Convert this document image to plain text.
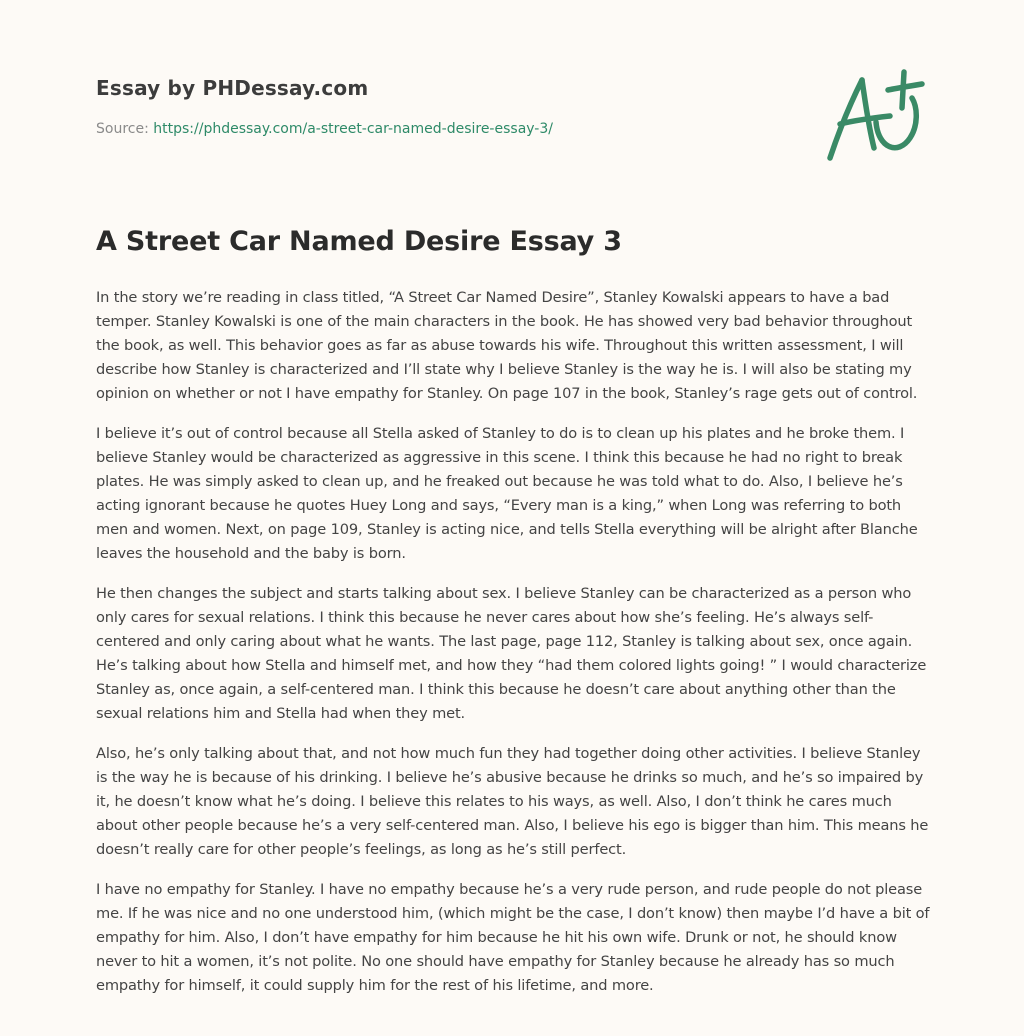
Essay by PHDessay.com
Source: https://phdessay.com/a-street-car-named-desire-essay-3/
A Street Car Named Desire Essay 3

In the story we’re reading in class titled, “A Street Car Named Desire”, Stanley Kowalski appears to have a bad temper. Stanley Kowalski is one of the main characters in the book. He has showed very bad behavior throughout the book, as well. This behavior goes as far as abuse towards his wife. Throughout this written assessment, I will describe how Stanley is characterized and I’ll state why I believe Stanley is the way he is. I will also be stating my opinion on whether or not I have empathy for Stanley. On page 107 in the book, Stanley’s rage gets out of control.

I believe it’s out of control because all Stella asked of Stanley to do is to clean up his plates and he broke them. I believe Stanley would be characterized as aggressive in this scene. I think this because he had no right to break plates. He was simply asked to clean up, and he freaked out because he was told what to do. Also, I believe he’s acting ignorant because he quotes Huey Long and says, “Every man is a king,” when Long was referring to both men and women. Next, on page 109, Stanley is acting nice, and tells Stella everything will be alright after Blanche leaves the household and the baby is born.

He then changes the subject and starts talking about sex. I believe Stanley can be characterized as a person who only cares for sexual relations. I think this because he never cares about how she’s feeling. He’s always self-centered and only caring about what he wants. The last page, page 112, Stanley is talking about sex, once again. He’s talking about how Stella and himself met, and how they “had them colored lights going! ” I would characterize Stanley as, once again, a self-centered man. I think this because he doesn’t care about anything other than the sexual relations him and Stella had when they met.

Also, he’s only talking about that, and not how much fun they had together doing other activities. I believe Stanley is the way he is because of his drinking. I believe he’s abusive because he drinks so much, and he’s so impaired by it, he doesn’t know what he’s doing. I believe this relates to his ways, as well. Also, I don’t think he cares much about other people because he’s a very self-centered man. Also, I believe his ego is bigger than him. This means he doesn’t really care for other people’s feelings, as long as he’s still perfect.

I have no empathy for Stanley. I have no empathy because he’s a very rude person, and rude people do not please me. If he was nice and no one understood him, (which might be the case, I don’t know) then maybe I’d have a bit of empathy for him. Also, I don’t have empathy for him because he hit his own wife. Drunk or not, he should know never to hit a women, it’s not polite. No one should have empathy for Stanley because he already has so much empathy for himself, it could supply him for the rest of his lifetime, and more.
